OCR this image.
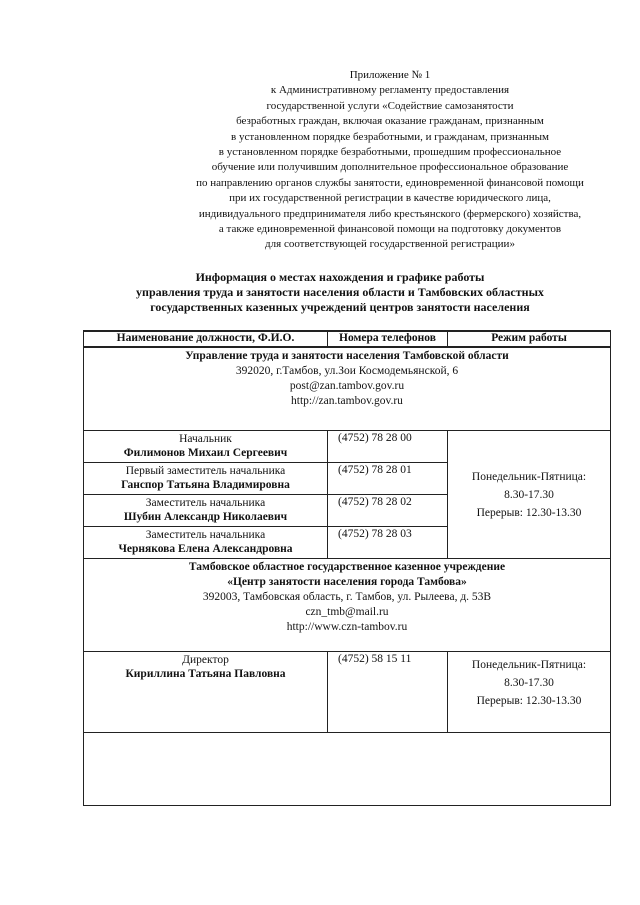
Приложение № 1
к Административному регламенту предоставления
государственной услуги «Содействие самозанятости
безработных граждан, включая оказание гражданам, признанным
в установленном порядке безработными, и гражданам, признанным
в установленном порядке безработными, прошедшим профессиональное
обучение или получившим дополнительное профессиональное образование
по направлению органов службы занятости, единовременной финансовой помощи
при их государственной регистрации в качестве юридического лица,
индивидуального предпринимателя либо крестьянского (фермерского) хозяйства,
а также единовременной финансовой помощи на подготовку документов
для соответствующей государственной регистрации»
Информация о местах нахождения и графике работы
управления труда и занятости населения области и Тамбовских областных
государственных казенных учреждений центров занятости населения
Наименование должности, Ф.И.О.	Номера телефонов	Режим работы

Управление труда и занятости населения Тамбовской области
392020, г.Тамбов, ул.Зои Космодемьянской, 6
post@zan.tambov.gov.ru
http://zan.tambov.gov.ru		

Начальник
Филимонов Михаил Сергеевич	(4752) 78 28 00	Понедельник-Пятница:
8.30-17.30
Перерыв: 12.30-13.30

Первый заместитель начальника
Ганспор Татьяна Владимировна	(4752) 78 28 01	

Заместитель начальника
Шубин Александр Николаевич	(4752) 78 28 02	

Заместитель начальника
Чернякова Елена Александровна	(4752) 78 28 03	

Тамбовское областное государственное казенное учреждение
«Центр занятости населения города Тамбова»
392003, Тамбовская область, г. Тамбов, ул. Рылеева, д. 53В
czn_tmb@mail.ru
http://www.czn-tambov.ru		

Директор
Кириллина Татьяна Павловна	(4752) 58 15 11	Понедельник-Пятница:
8.30-17.30
Перерыв: 12.30-13.30
